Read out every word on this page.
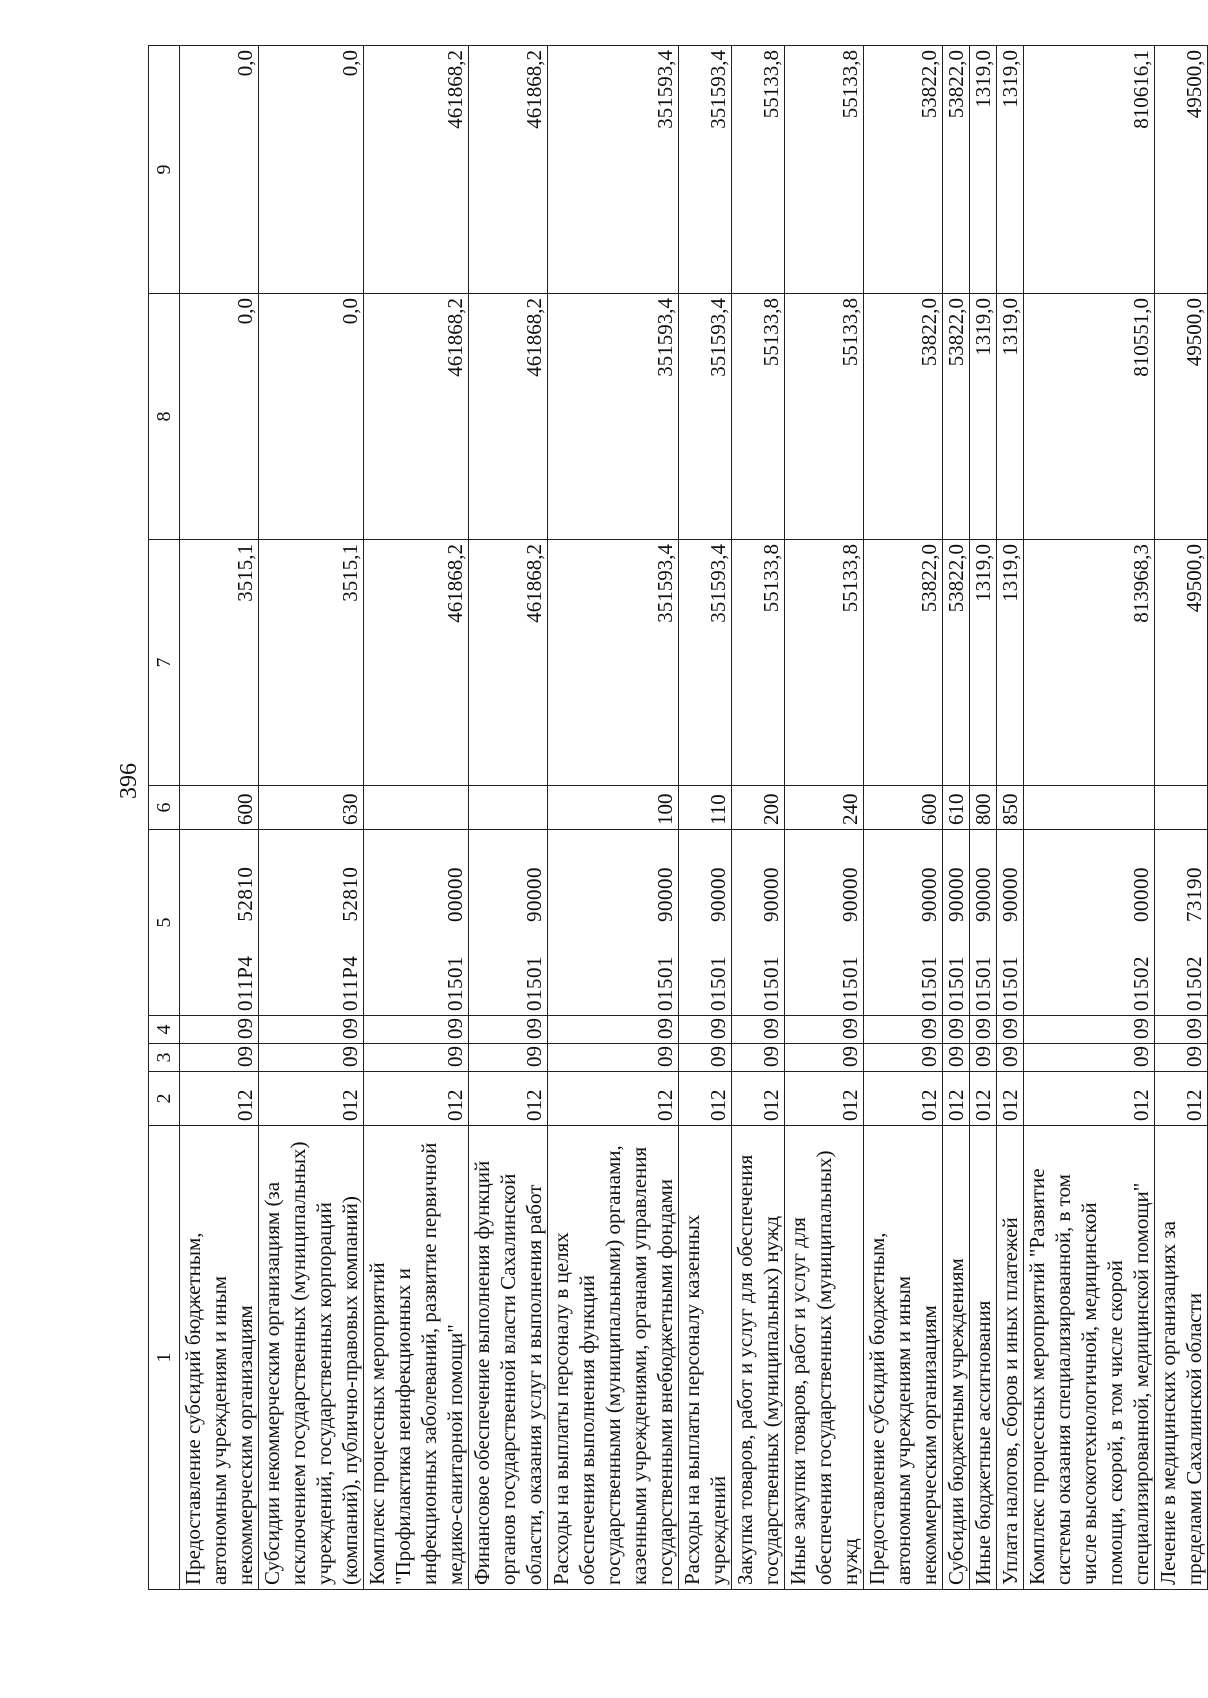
396
1	2	3	4	5	6	7	8	9
Предоставление субсидий бюджетным, автономным учреждениям и иным некоммерческим организациям	012	09	09	011P452810	600	3515,1	0,0	0,0
Субсидии некоммерческим организациям (за исключением государственных (муниципальных) учреждений, государственных корпораций (компаний), публично-правовых компаний)	012	09	09	011P452810	630	3515,1	0,0	0,0
Комплекс процессных мероприятий "Профилактика неинфекционных и инфекционных заболеваний, развитие первичной медико-санитарной помощи"	012	09	09	0150100000		461868,2	461868,2	461868,2
Финансовое обеспечение выполнения функций органов государственной власти Сахалинской области, оказания услуг и выполнения работ	012	09	09	0150190000		461868,2	461868,2	461868,2
Расходы на выплаты персоналу в целях обеспечения выполнения функций государственными (муниципальными) органами, казенными учреждениями, органами управления государственными внебюджетными фондами	012	09	09	0150190000	100	351593,4	351593,4	351593,4
Расходы на выплаты персоналу казенных учреждений	012	09	09	0150190000	110	351593,4	351593,4	351593,4
Закупка товаров, работ и услуг для обеспечения государственных (муниципальных) нужд	012	09	09	0150190000	200	55133,8	55133,8	55133,8
Иные закупки товаров, работ и услуг для обеспечения государственных (муниципальных) нужд	012	09	09	0150190000	240	55133,8	55133,8	55133,8
Предоставление субсидий бюджетным, автономным учреждениям и иным некоммерческим организациям	012	09	09	0150190000	600	53822,0	53822,0	53822,0
Субсидии бюджетным учреждениям	012	09	09	0150190000	610	53822,0	53822,0	53822,0
Иные бюджетные ассигнования	012	09	09	0150190000	800	1319,0	1319,0	1319,0
Уплата налогов, сборов и иных платежей	012	09	09	0150190000	850	1319,0	1319,0	1319,0
Комплекс процессных мероприятий "Развитие системы оказания специализированной, в том числе высокотехнологичной, медицинской помощи, скорой, в том числе скорой специализированной, медицинской помощи"	012	09	09	0150200000		813968,3	810551,0	810616,1
Лечение в медицинских организациях за пределами Сахалинской области	012	09	09	0150273190		49500,0	49500,0	49500,0
